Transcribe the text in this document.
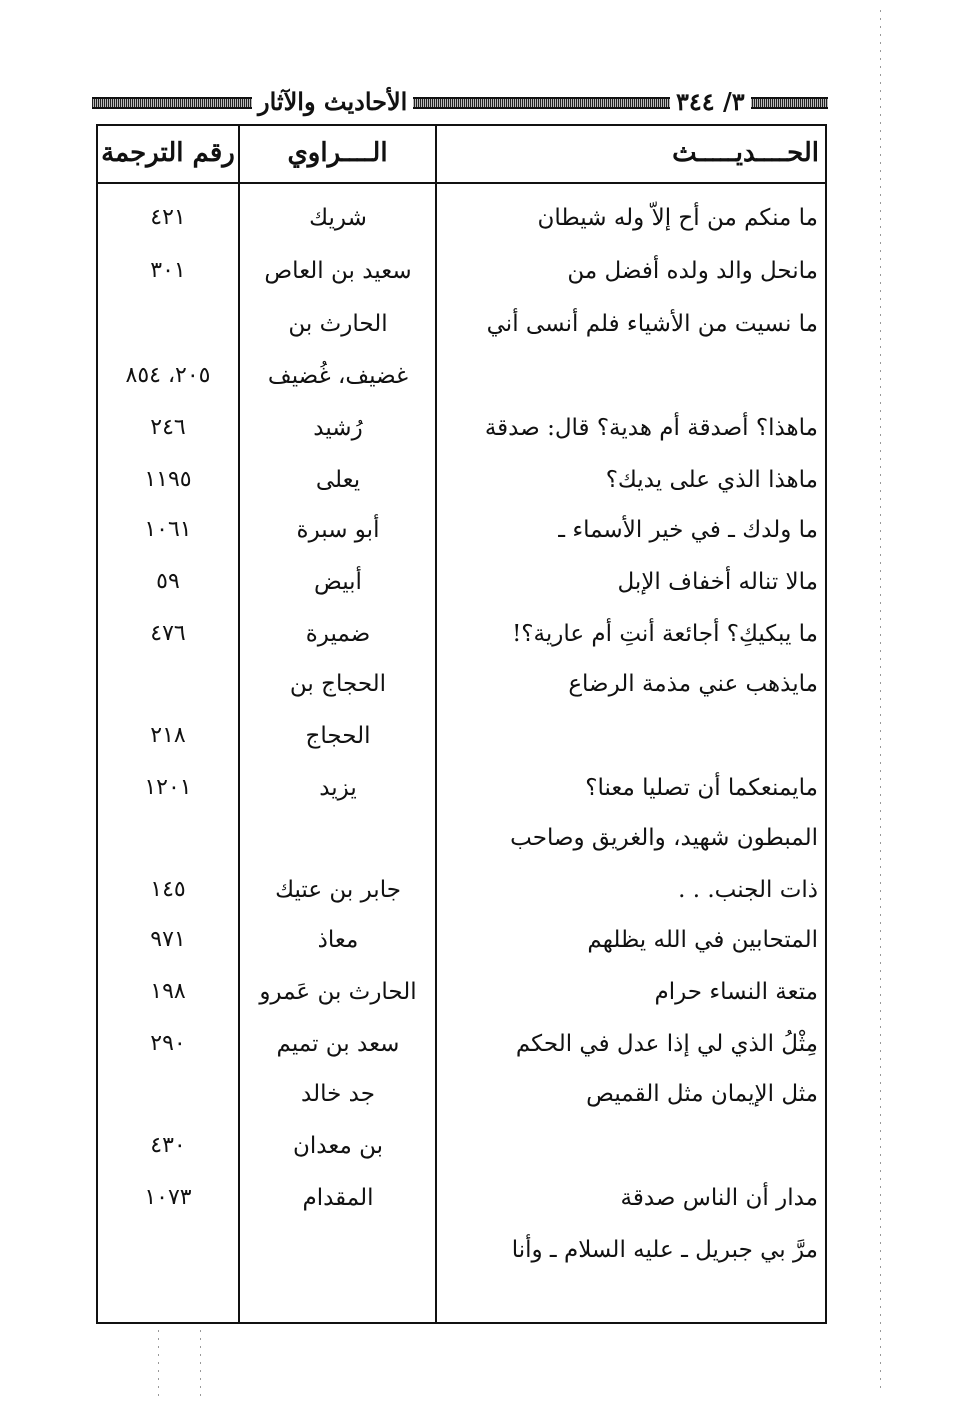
الأحاديث والآثار	٣/ ٣٤٤
الحــــديـــــث
الــــراوي
رقم الترجمة
ما منكم من أح إلاّ وله شيطان
شريك
٤٢١
مانحل والد ولده أفضل من
سعيد بن العاص
٣٠١
ما نسيت من الأشياء فلم أنسى أني
الحارث بن
غضيف، غُضيف
٢٠٥، ٨٥٤
ماهذا؟ أصدقة أم هدية؟ قال: صدقة
رُشيد
٢٤٦
ماهذا الذي على يديك؟
يعلى
١١٩٥
ما ولدك ـ في خير الأسماء ـ
أبو سبرة
١٠٦١
مالا تناله أخفاف الإبل
أبيض
٥٩
ما يبكيكِ؟ أجائعة أنتِ أم عارية؟!
ضميرة
٤٧٦
مايذهب عني مذمة الرضاع
الحجاج بن
الحجاج
٢١٨
مايمنعكما أن تصليا معنا؟
يزيد
١٢٠١
المبطون شهيد، والغريق وصاحب
ذات الجنب. . .
جابر بن عتيك
١٤٥
المتحابين في الله يظلهم
معاذ
٩٧١
متعة النساء حرام
الحارث بن عَمرو
١٩٨
مِثْلُ الذي لي إذا عدل في الحكم
سعد بن تميم
٢٩٠
مثل الإيمان مثل القميص
جد خالد
بن معدان
٤٣٠
مدار أن الناس صدقة
المقدام
١٠٧٣
مرَّ بي جبريل ـ عليه السلام ـ وأنا
